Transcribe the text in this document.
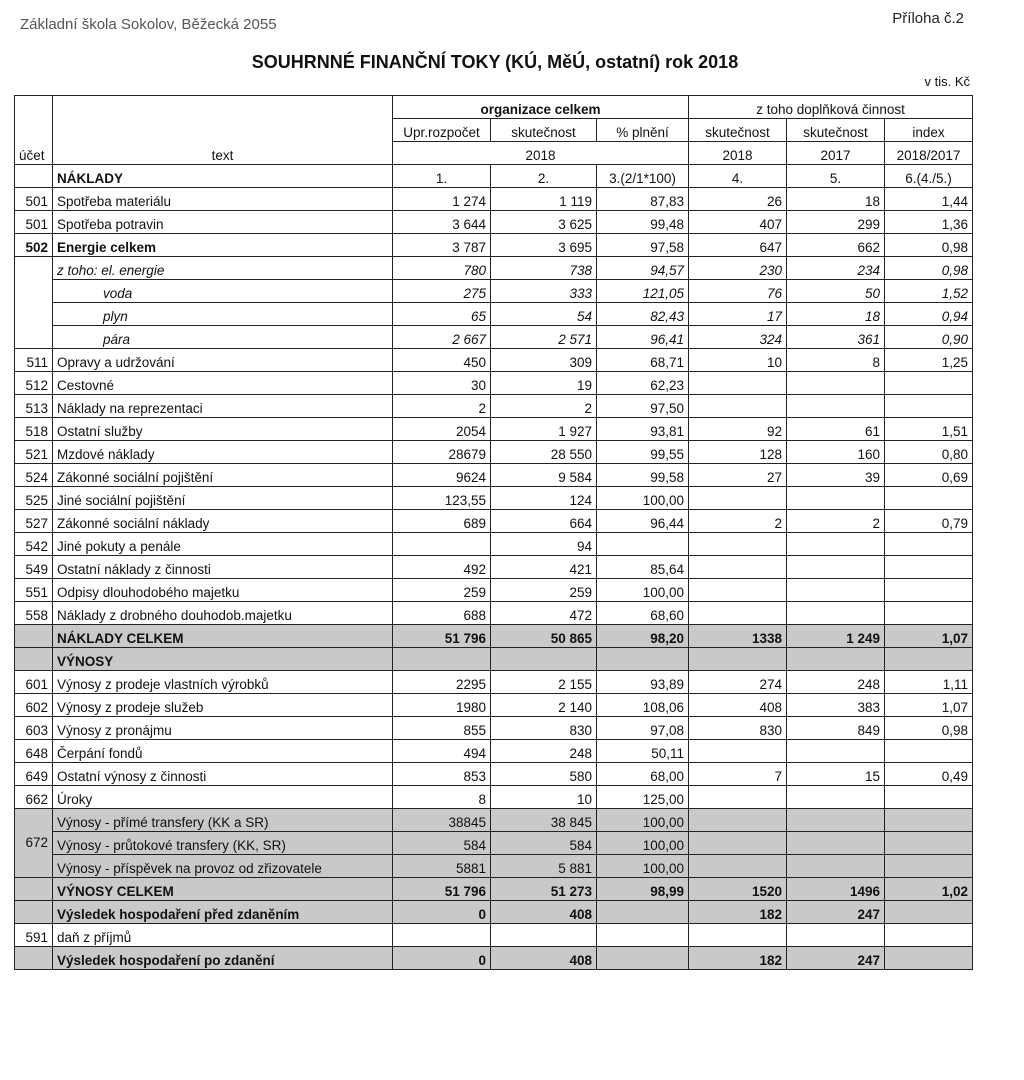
Základní škola Sokolov, Běžecká 2055	Příloha č.2
SOUHRNNÉ FINANČNÍ TOKY (KÚ, MěÚ, ostatní) rok 2018
v tis. Kč
účet	text	organizace celkem			z toho doplňková činnost		
		Upr.rozpočet	skutečnost	% plnění	skutečnost	skutečnost	index
		2018			2018	2017	2018/2017
	NÁKLADY	1.	2.	3.(2/1*100)	4.	5.	6.(4./5.)
501	Spotřeba materiálu	1 274	1 119	87,83	26	18	1,44
501	Spotřeba potravin	3 644	3 625	99,48	407	299	1,36
502	Energie celkem	3 787	3 695	97,58	647	662	0,98
	z toho: el. energie	780	738	94,57	230	234	0,98
	voda	275	333	121,05	76	50	1,52
	plyn	65	54	82,43	17	18	0,94
	pára	2 667	2 571	96,41	324	361	0,90
511	Opravy a udržování	450	309	68,71	10	8	1,25
512	Cestovné	30	19	62,23			
513	Náklady na reprezentaci	2	2	97,50			
518	Ostatní služby	2054	1 927	93,81	92	61	1,51
521	Mzdové náklady	28679	28 550	99,55	128	160	0,80
524	Zákonné sociální pojištění	9624	9 584	99,58	27	39	0,69
525	Jiné sociální pojištění	123,55	124	100,00			
527	Zákonné sociální náklady	689	664	96,44	2	2	0,79
542	Jiné pokuty a penále		94				
549	Ostatní náklady z činnosti	492	421	85,64			
551	Odpisy dlouhodobého majetku	259	259	100,00			
558	Náklady z drobného douhodob.majetku	688	472	68,60			
	NÁKLADY CELKEM	51 796	50 865	98,20	1338	1 249	1,07
	VÝNOSY						
601	Výnosy z prodeje vlastních výrobků	2295	2 155	93,89	274	248	1,11
602	Výnosy z prodeje služeb	1980	2 140	108,06	408	383	1,07
603	Výnosy z pronájmu	855	830	97,08	830	849	0,98
648	Čerpání fondů	494	248	50,11			
649	Ostatní výnosy z činnosti	853	580	68,00	7	15	0,49
662	Úroky	8	10	125,00			
672	Výnosy - přímé transfery (KK a SR)	38845	38 845	100,00			
	Výnosy - průtokové transfery (KK, SR)	584	584	100,00			
	Výnosy - příspěvek na provoz od zřizovatele	5881	5 881	100,00			
	VÝNOSY CELKEM	51 796	51 273	98,99	1520	1496	1,02
	Výsledek hospodaření před zdaněním	0	408		182	247	
591	daň z příjmů						
	Výsledek hospodaření po zdanění	0	408		182	247	
